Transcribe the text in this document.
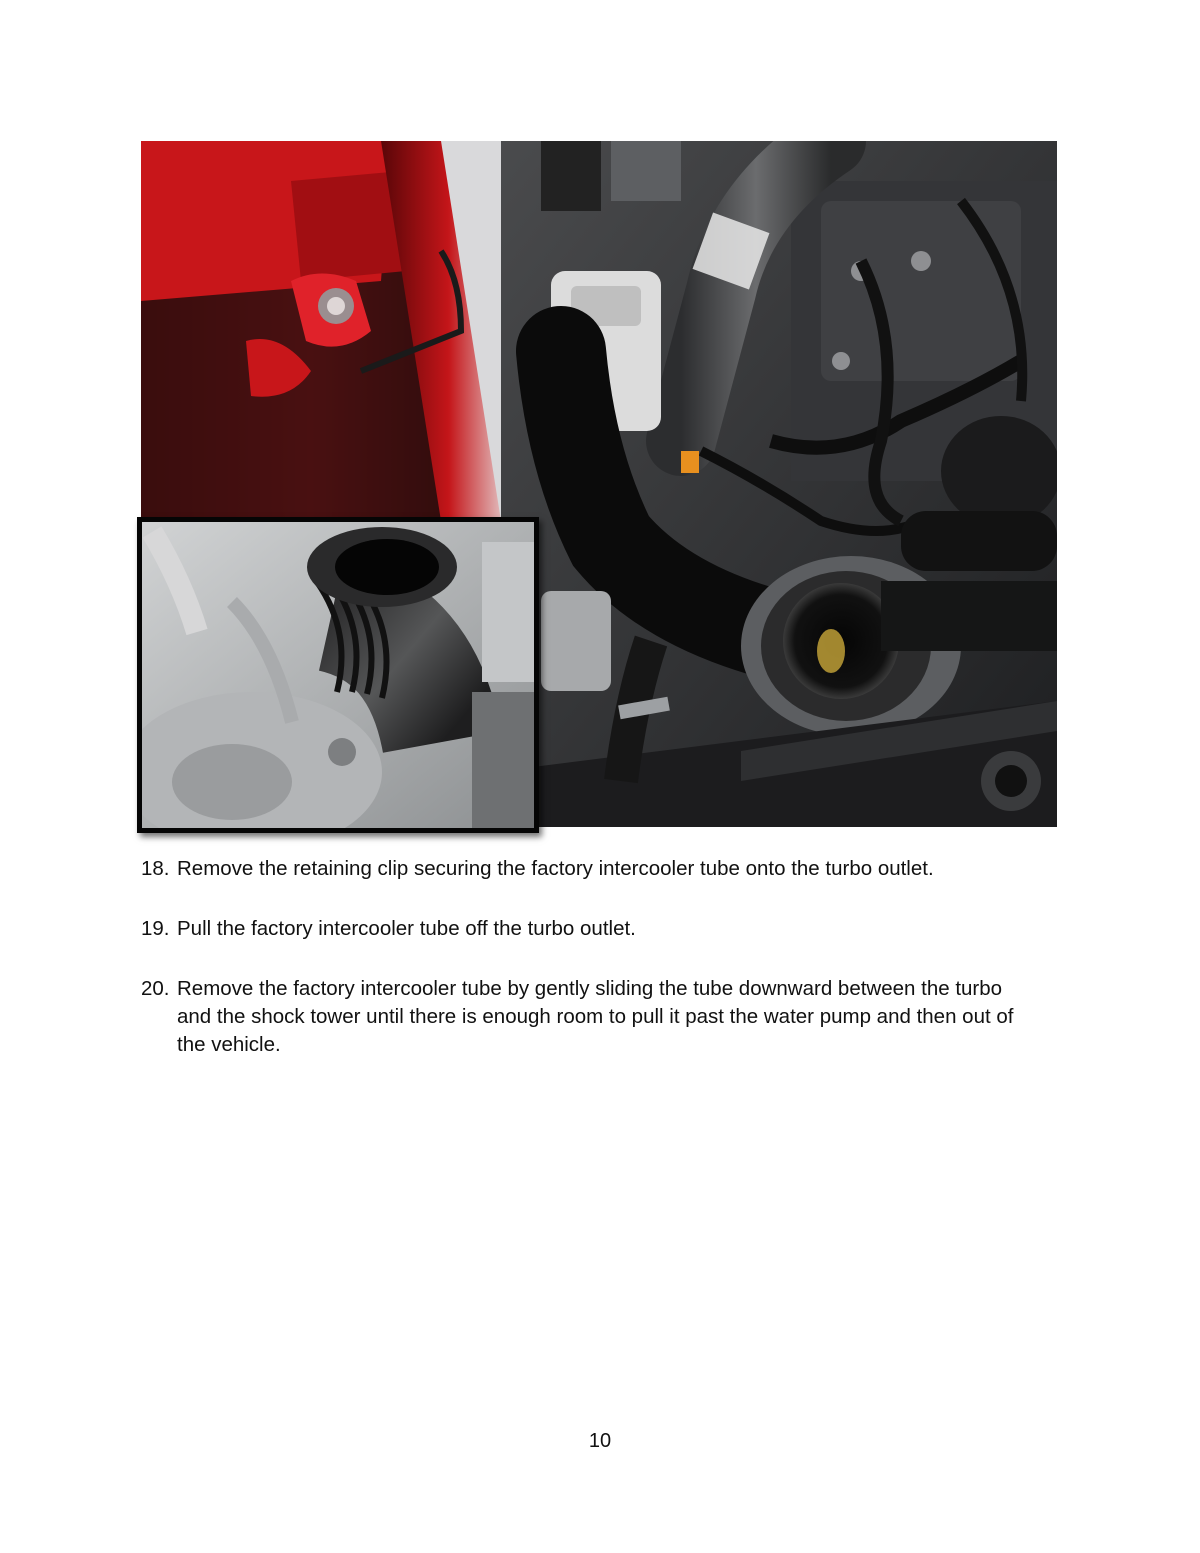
18. Remove the retaining clip securing the factory intercooler tube onto the turbo outlet.
19. Pull the factory intercooler tube off the turbo outlet.
20. Remove the factory intercooler tube by gently sliding the tube downward between the turbo and the shock tower until there is enough room to pull it past the water pump and then out of the vehicle.
10
